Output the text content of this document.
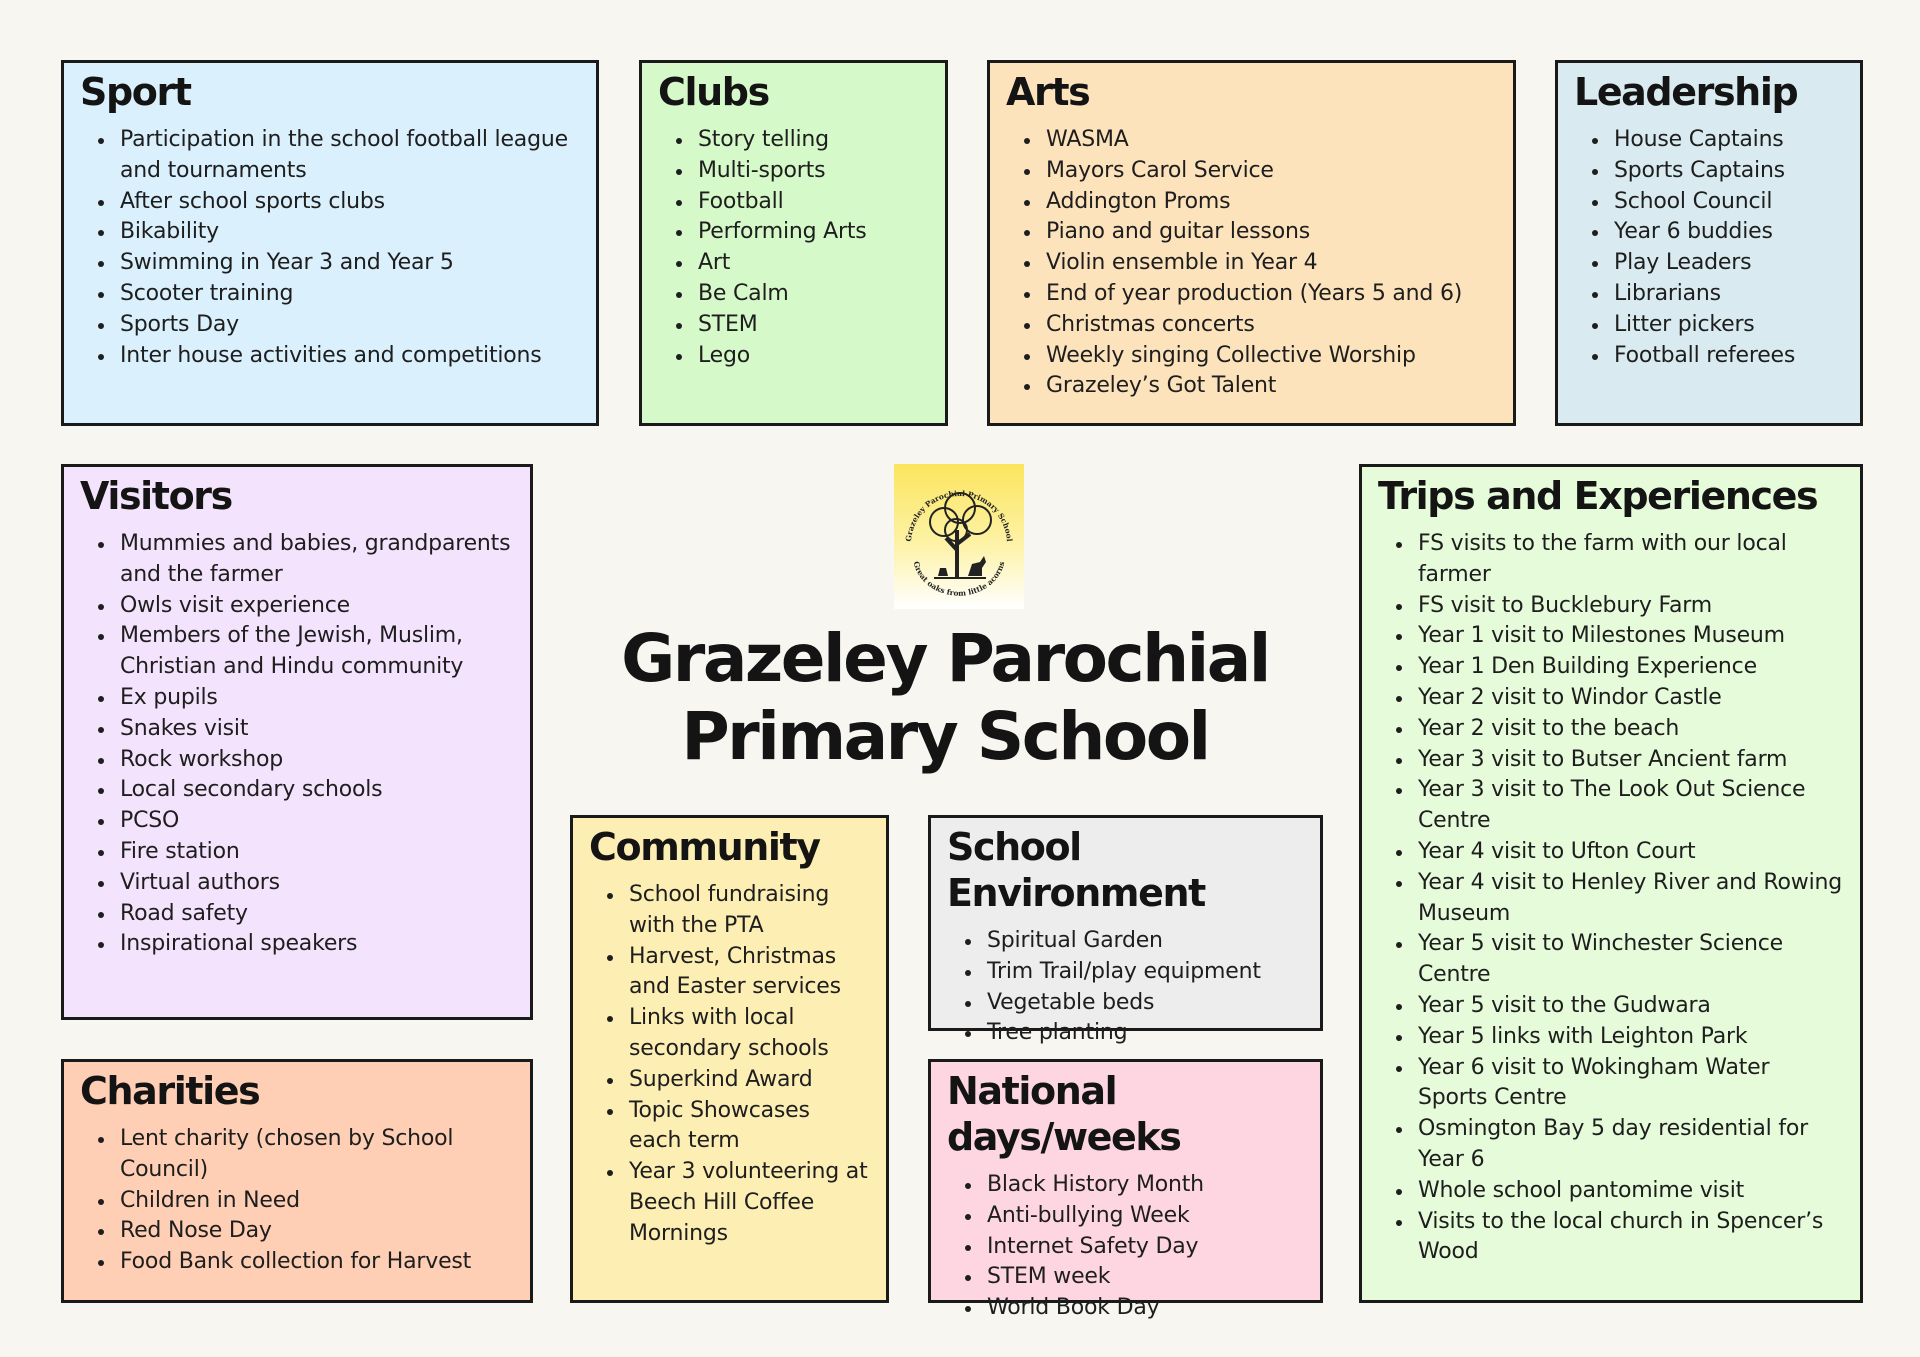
Sport
Participation in the school football league and tournaments
After school sports clubs
Bikability
Swimming in Year 3 and Year 5
Scooter training
Sports Day
Inter house activities and competitions
Clubs
Story telling
Multi-sports
Football
Performing Arts
Art
Be Calm
STEM
Lego
Arts
WASMA
Mayors Carol Service
Addington Proms
Piano and guitar lessons
Violin ensemble in Year 4
End of year production (Years 5 and 6)
Christmas concerts
Weekly singing Collective Worship
Grazeley’s Got Talent
Leadership
House Captains
Sports Captains
School Council
Year 6 buddies
Play Leaders
Librarians
Litter pickers
Football referees
Visitors
Mummies and babies, grandparents and the farmer
Owls visit experience
Members of the Jewish, Muslim, Christian and Hindu community
Ex pupils
Snakes visit
Rock workshop
Local secondary schools
PCSO
Fire station
Virtual authors
Road safety
Inspirational speakers
Grazeley Parochial Primary School
Great oaks from little acorns
Grazeley Parochial
Primary School
Trips and Experiences
FS visits to the farm with our local farmer
FS visit to Bucklebury Farm
Year 1 visit to Milestones Museum
Year 1 Den Building Experience
Year 2 visit to Windor Castle
Year 2 visit to the beach
Year 3 visit to Butser Ancient farm
Year 3 visit to The Look Out Science Centre
Year 4 visit to Ufton Court
Year 4 visit to Henley River and Rowing Museum
Year 5 visit to Winchester Science Centre
Year 5 visit to the Gudwara
Year 5 links with Leighton Park
Year 6 visit to Wokingham Water Sports Centre
Osmington Bay 5 day residential for Year 6
Whole school pantomime visit
Visits to the local church in Spencer’s Wood
Community
School fundraising with the PTA
Harvest, Christmas and Easter services
Links with local secondary schools
Superkind Award
Topic Showcases each term
Year 3 volunteering at Beech Hill Coffee Mornings
School Environment
Spiritual Garden
Trim Trail/play equipment
Vegetable beds
Tree planting
National days/weeks
Black History Month
Anti-bullying Week
Internet Safety Day
STEM week
World Book Day
Charities
Lent charity (chosen by School Council)
Children in Need
Red Nose Day
Food Bank collection for Harvest
